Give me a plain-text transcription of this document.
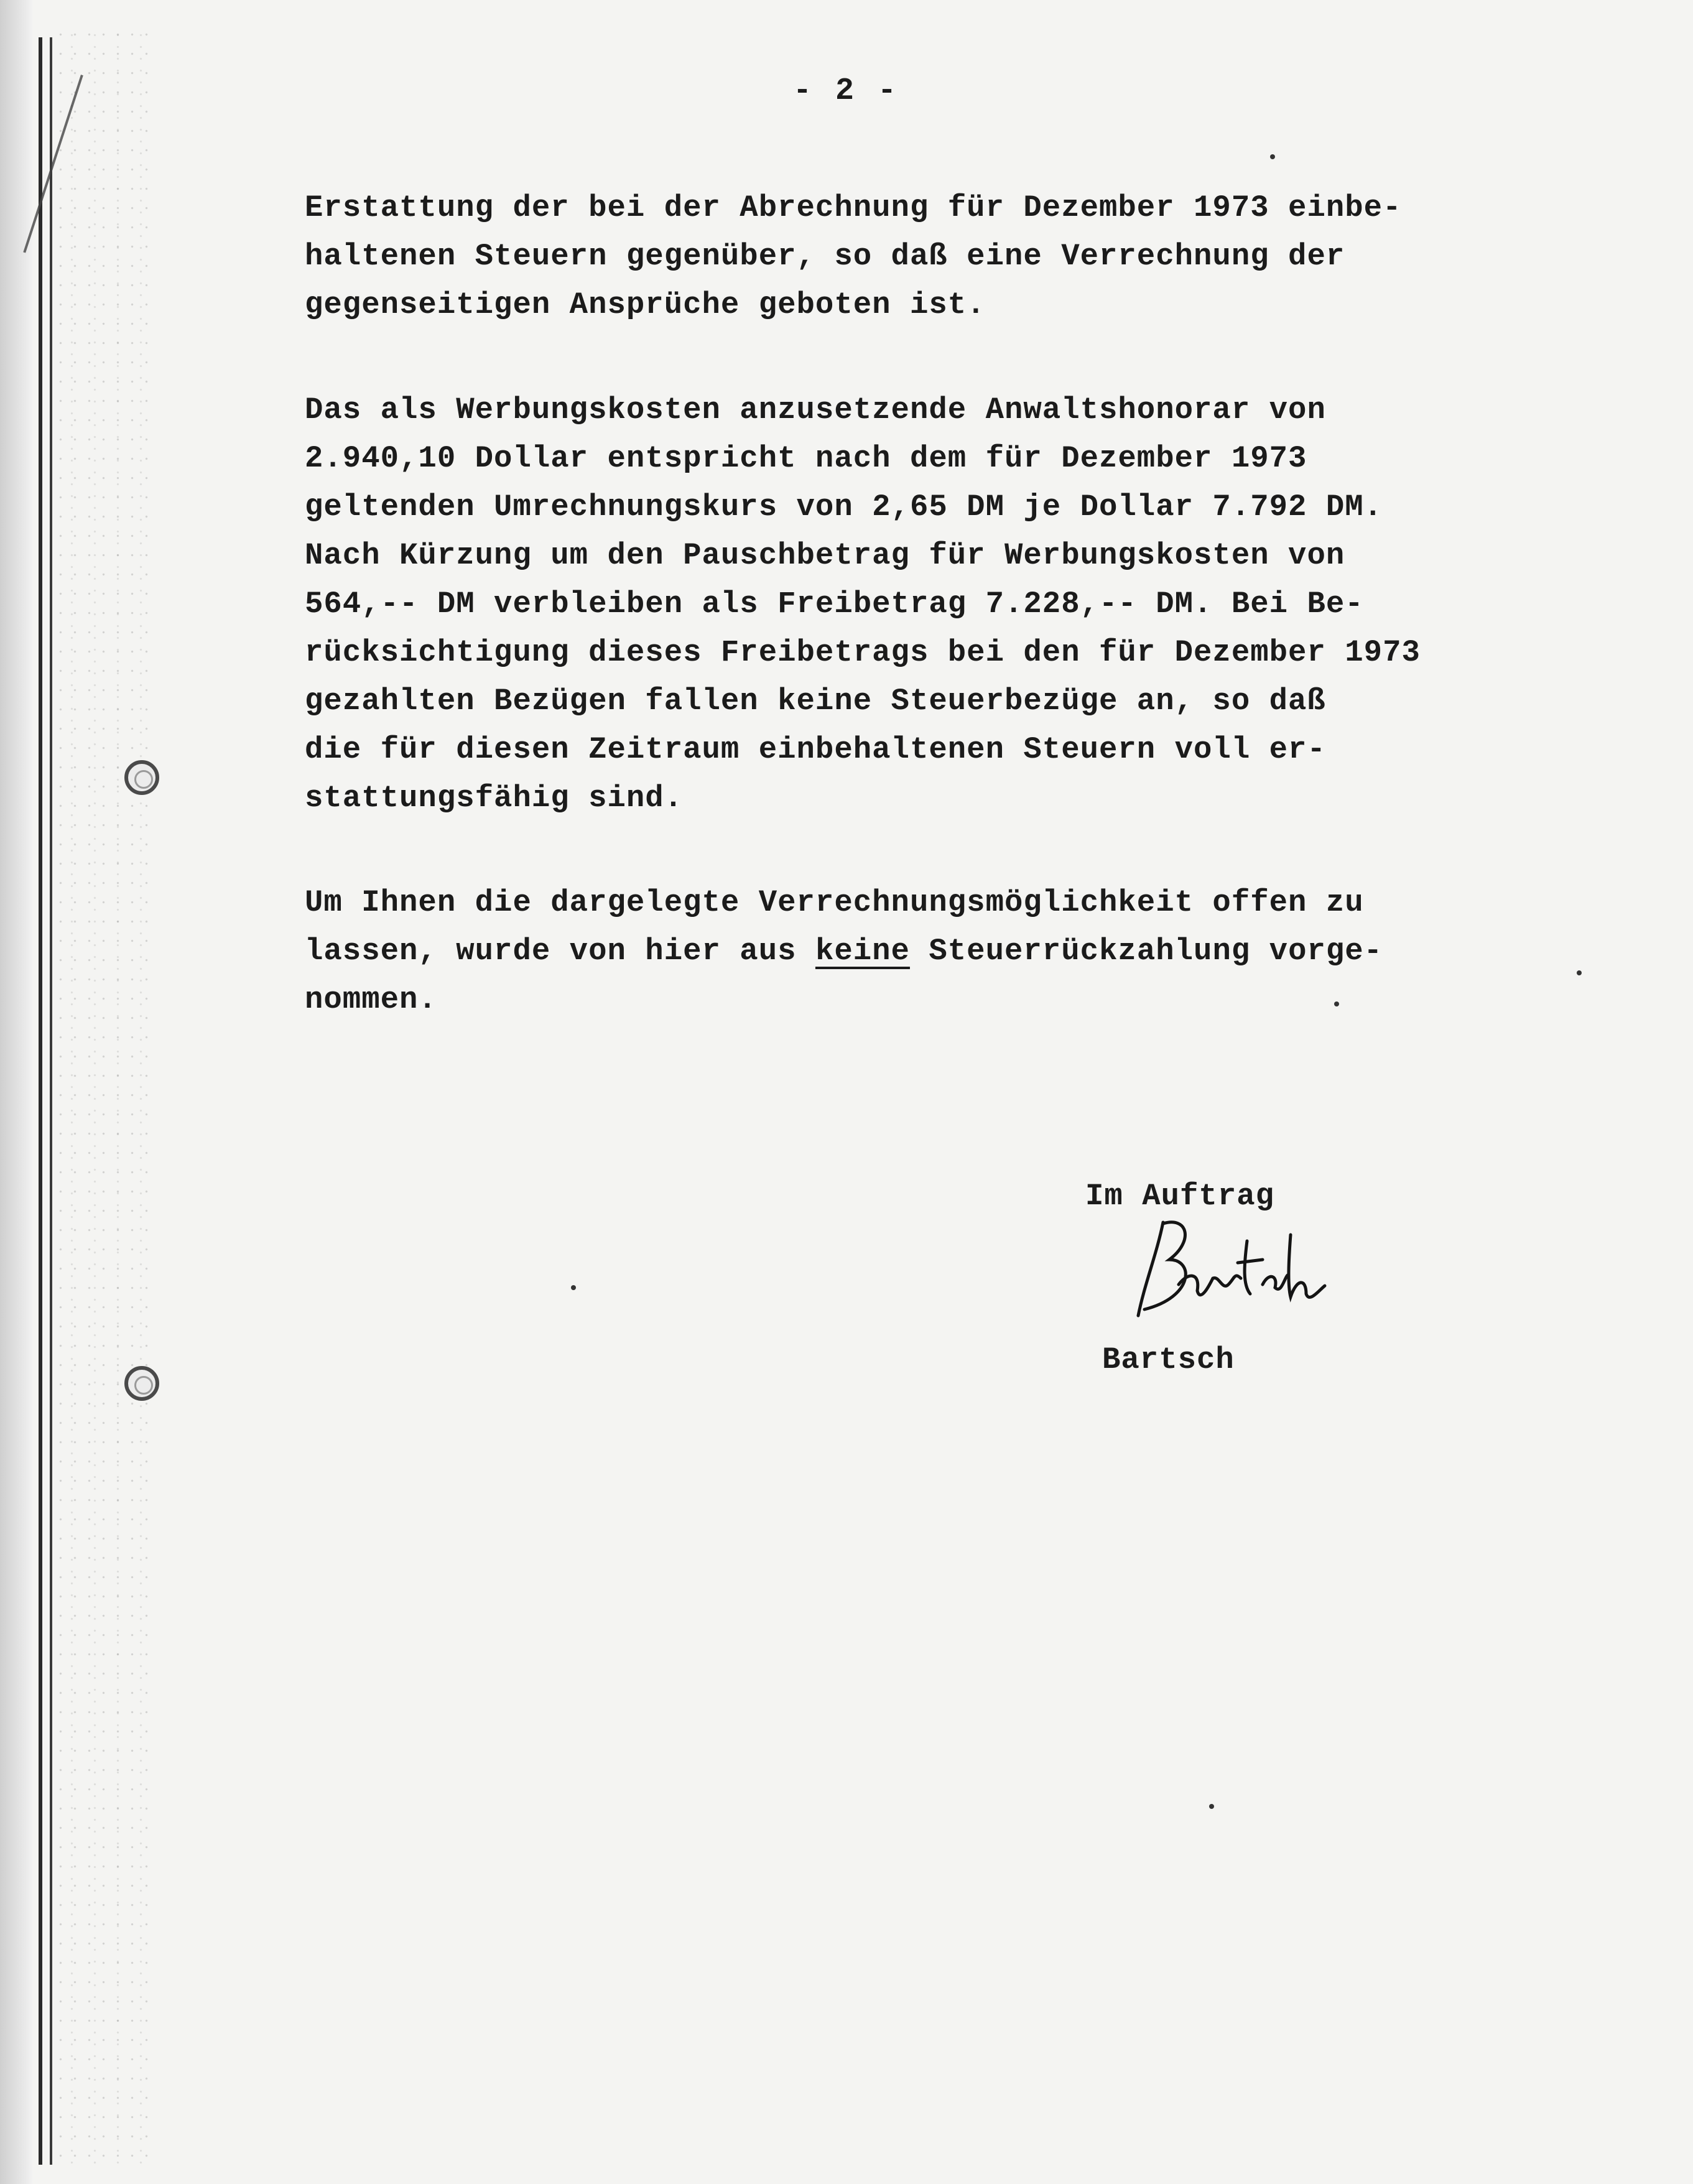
- 2 -

Erstattung der bei der Abrechnung für Dezember 1973 einbe-
haltenen Steuern gegenüber, so daß eine Verrechnung der
gegenseitigen Ansprüche geboten ist.

Das als Werbungskosten anzusetzende Anwaltshonorar von
2.940,10 Dollar entspricht nach dem für Dezember 1973
geltenden Umrechnungskurs von 2,65 DM je Dollar 7.792 DM.
Nach Kürzung um den Pauschbetrag für Werbungskosten von
564,-- DM verbleiben als Freibetrag 7.228,-- DM. Bei Be-
rücksichtigung dieses Freibetrags bei den für Dezember 1973
gezahlten Bezügen fallen keine Steuerbezüge an, so daß
die für diesen Zeitraum einbehaltenen Steuern voll er-
stattungsfähig sind.

Um Ihnen die dargelegte Verrechnungsmöglichkeit offen zu
lassen, wurde von hier aus keine Steuerrückzahlung vorge-
nommen.

Im Auftrag
Bartsch
